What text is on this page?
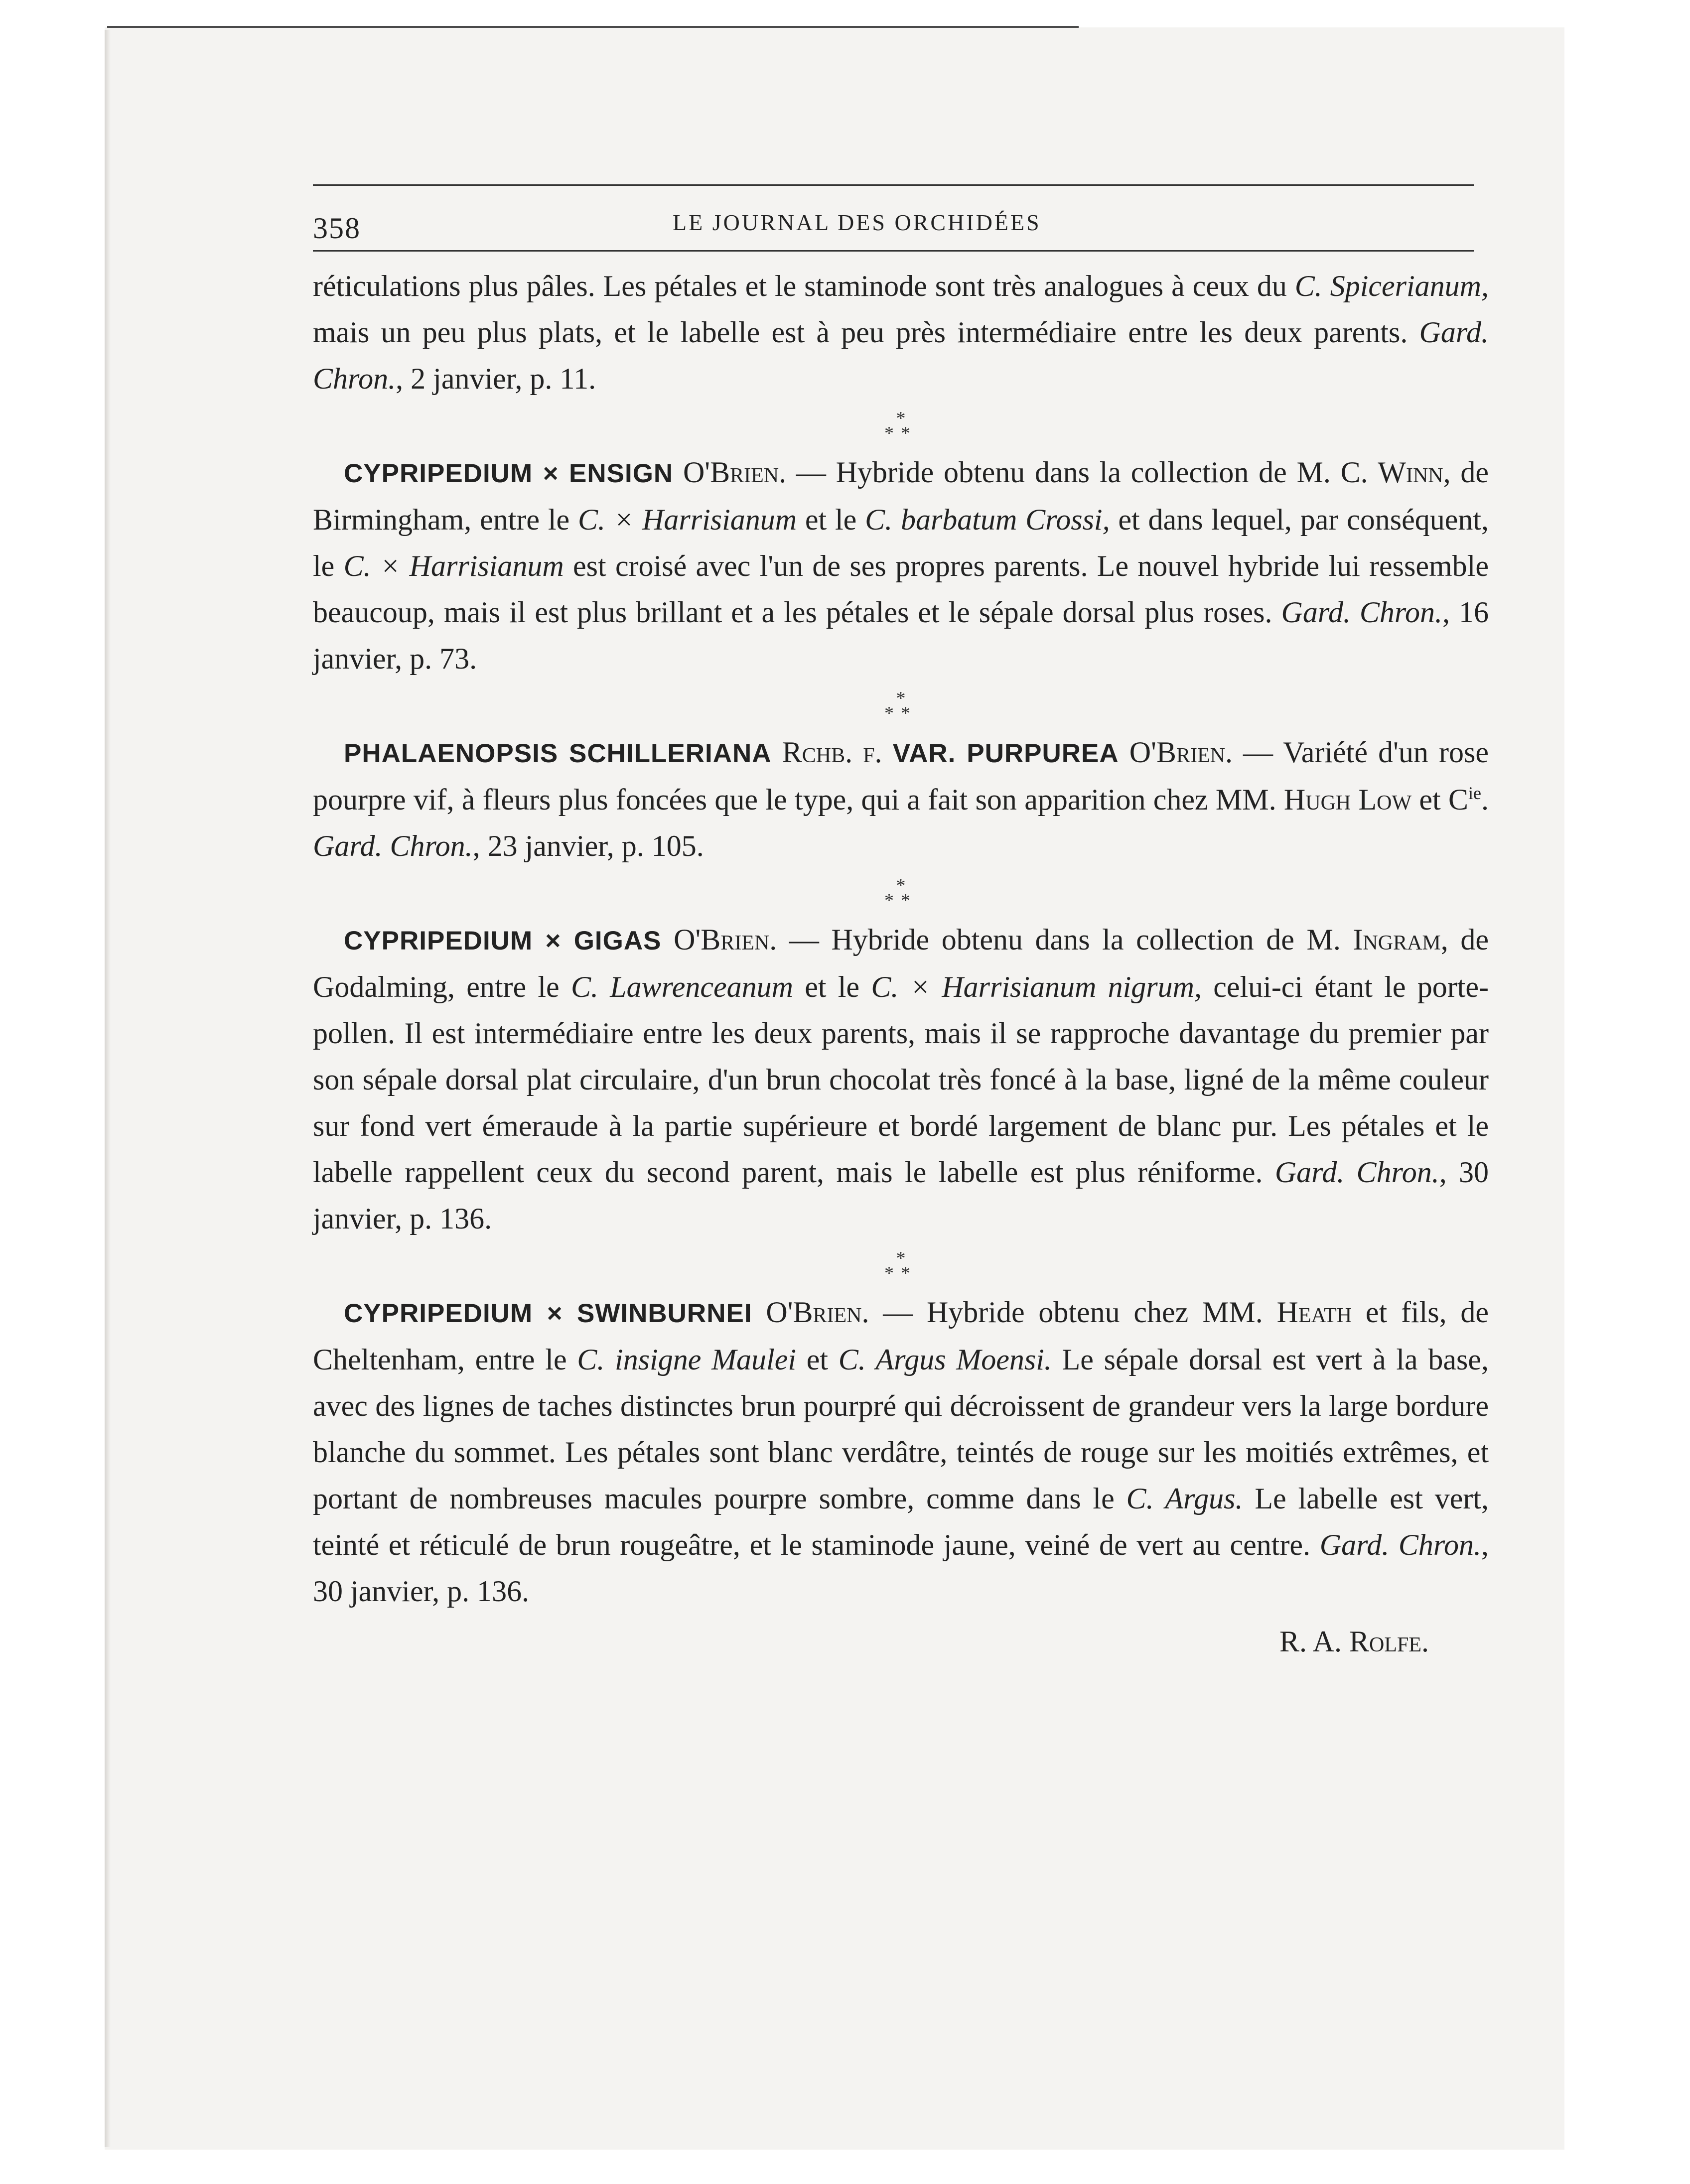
358	LE JOURNAL DES ORCHIDÉES

réticulations plus pâles. Les pétales et le staminode sont très analogues à ceux du C. Spicerianum, mais un peu plus plats, et le labelle est à peu près intermédiaire entre les deux parents. Gard. Chron., 2 janvier, p. 11.

*
**

CYPRIPEDIUM × ENSIGN O'Brien. — Hybride obtenu dans la collection de M. C. Winn, de Birmingham, entre le C. × Harrisianum et le C. barbatum Crossi, et dans lequel, par conséquent, le C. × Harrisianum est croisé avec l'un de ses propres parents. Le nouvel hybride lui ressemble beaucoup, mais il est plus brillant et a les pétales et le sépale dorsal plus roses. Gard. Chron., 16 janvier, p. 73.

*
**

PHALAENOPSIS SCHILLERIANA Rchb. f. VAR. PURPUREA O'Brien. — Variété d'un rose pourpre vif, à fleurs plus foncées que le type, qui a fait son apparition chez MM. Hugh Low et $C^{ie}$. Gard. Chron., 23 janvier, p. 105.

*
**

CYPRIPEDIUM × GIGAS O'Brien. — Hybride obtenu dans la collection de M. Ingram, de Godalming, entre le C. Lawrenceanum et le C. × Harrisianum nigrum, celui-ci étant le porte-pollen. Il est intermédiaire entre les deux parents, mais il se rapproche davantage du premier par son sépale dorsal plat circulaire, d'un brun chocolat très foncé à la base, ligné de la même couleur sur fond vert émeraude à la partie supérieure et bordé largement de blanc pur. Les pétales et le labelle rappellent ceux du second parent, mais le labelle est plus réniforme. Gard. Chron., 30 janvier, p. 136.

*
**

CYPRIPEDIUM × SWINBURNEI O'Brien. — Hybride obtenu chez MM. Heath et fils, de Cheltenham, entre le C. insigne Maulei et C. Argus Moensi. Le sépale dorsal est vert à la base, avec des lignes de taches distinctes brun pourpré qui décroissent de grandeur vers la large bordure blanche du sommet. Les pétales sont blanc verdâtre, teintés de rouge sur les moitiés extrêmes, et portant de nombreuses macules pourpre sombre, comme dans le C. Argus. Le labelle est vert, teinté et réticulé de brun rougeâtre, et le staminode jaune, veiné de vert au centre. Gard. Chron., 30 janvier, p. 136.

R. A. Rolfe.
